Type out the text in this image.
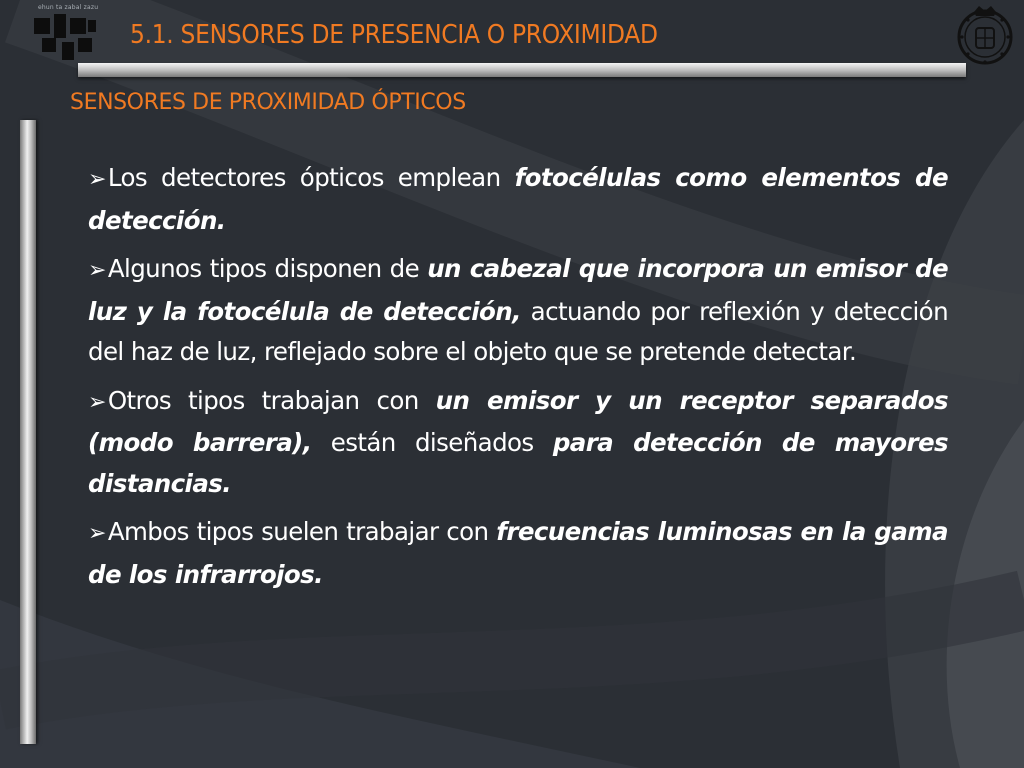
ehun ta zabal zazu
5.1. SENSORES DE PRESENCIA O PROXIMIDAD
SENSORES DE PROXIMIDAD ÓPTICOS

➢Los detectores ópticos emplean fotocélulas como elementos de detección.

➢Algunos tipos disponen de un cabezal que incorpora un emisor de luz y la fotocélula de detección, actuando por reflexión y detección del haz de luz, reflejado sobre el objeto que se pretende detectar.

➢Otros tipos trabajan con un emisor y un receptor separados (modo barrera), están diseñados para detección de mayores distancias.

➢Ambos tipos suelen trabajar con frecuencias luminosas en la gama de los infrarrojos.
